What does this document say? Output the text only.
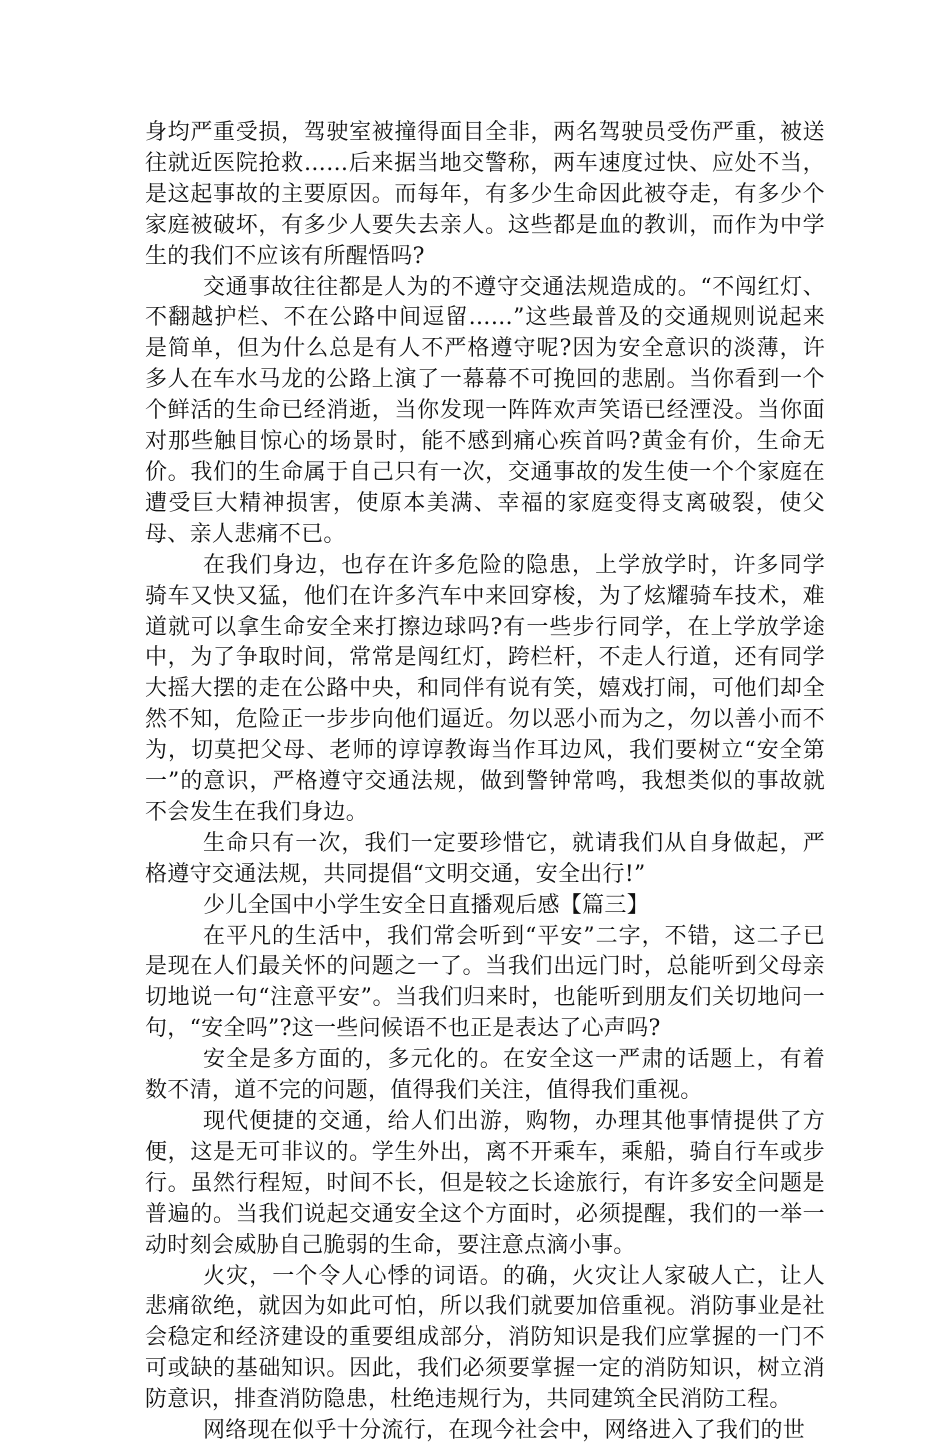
身均严重受损，驾驶室被撞得面目全非，两名驾驶员受伤严重，被送往就近医院抢救……后来据当地交警称，两车速度过快、应处不当，是这起事故的主要原因。而每年，有多少生命因此被夺走，有多少个家庭被破坏，有多少人要失去亲人。这些都是血的教训，而作为中学生的我们不应该有所醒悟吗?

交通事故往往都是人为的不遵守交通法规造成的。“不闯红灯、不翻越护栏、不在公路中间逗留……”这些最普及的交通规则说起来是简单，但为什么总是有人不严格遵守呢?因为安全意识的淡薄，许多人在车水马龙的公路上演了一幕幕不可挽回的悲剧。当你看到一个个鲜活的生命已经消逝，当你发现一阵阵欢声笑语已经湮没。当你面对那些触目惊心的场景时，能不感到痛心疾首吗?黄金有价，生命无价。我们的生命属于自己只有一次，交通事故的发生使一个个家庭在遭受巨大精神损害，使原本美满、幸福的家庭变得支离破裂，使父母、亲人悲痛不已。

在我们身边，也存在许多危险的隐患，上学放学时，许多同学骑车又快又猛，他们在许多汽车中来回穿梭，为了炫耀骑车技术，难道就可以拿生命安全来打擦边球吗?有一些步行同学，在上学放学途中，为了争取时间，常常是闯红灯，跨栏杆，不走人行道，还有同学大摇大摆的走在公路中央，和同伴有说有笑，嬉戏打闹，可他们却全然不知，危险正一步步向他们逼近。勿以恶小而为之，勿以善小而不为，切莫把父母、老师的谆谆教诲当作耳边风，我们要树立“安全第一”的意识，严格遵守交通法规，做到警钟常鸣，我想类似的事故就不会发生在我们身边。

生命只有一次，我们一定要珍惜它，就请我们从自身做起，严格遵守交通法规，共同提倡“文明交通，安全出行!”

少儿全国中小学生安全日直播观后感【篇三】

在平凡的生活中，我们常会听到“平安”二字，不错，这二子已是现在人们最关怀的问题之一了。当我们出远门时，总能听到父母亲切地说一句“注意平安”。当我们归来时，也能听到朋友们关切地问一句，“安全吗”?这一些问候语不也正是表达了心声吗?

安全是多方面的，多元化的。在安全这一严肃的话题上，有着数不清，道不完的问题，值得我们关注，值得我们重视。

现代便捷的交通，给人们出游，购物，办理其他事情提供了方便，这是无可非议的。学生外出，离不开乘车，乘船，骑自行车或步行。虽然行程短，时间不长，但是较之长途旅行，有许多安全问题是普遍的。当我们说起交通安全这个方面时，必须提醒，我们的一举一动时刻会威胁自己脆弱的生命，要注意点滴小事。

火灾，一个令人心悸的词语。的确，火灾让人家破人亡，让人悲痛欲绝，就因为如此可怕，所以我们就要加倍重视。消防事业是社会稳定和经济建设的重要组成部分，消防知识是我们应掌握的一门不可或缺的基础知识。因此，我们必须要掌握一定的消防知识，树立消防意识，排查消防隐患，杜绝违规行为，共同建筑全民消防工程。

网络现在似乎十分流行，在现今社会中，网络进入了我们的世
